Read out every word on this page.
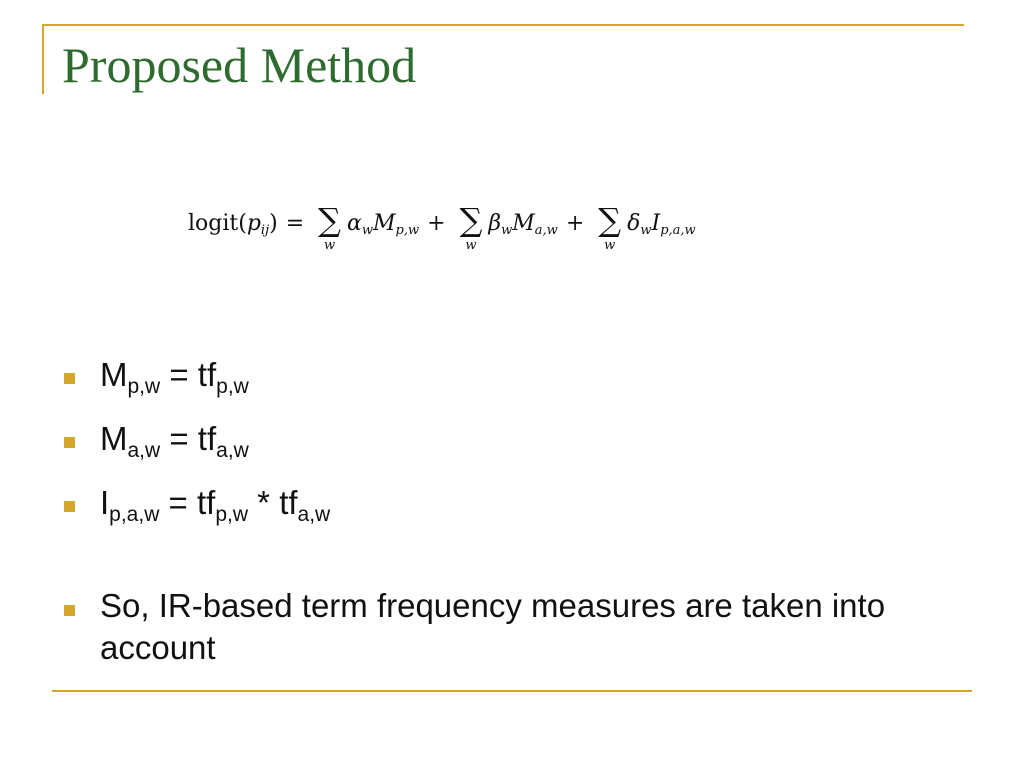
Proposed Method
$logit(p_{ij})$ = ∑
w
$\alpha_wM_{p,w}$ + ∑
w
$\beta_wM_{a,w}$ + ∑
w
$\delta_wI_{p,a,w}$
$M_{p,w} = tf_{p,w}$
$M_{a,w} = tf_{a,w}$
$I_{p,a,w} = tf_{p,w} * tf_{a,w}$
So, IR-based term frequency measures are taken into account
